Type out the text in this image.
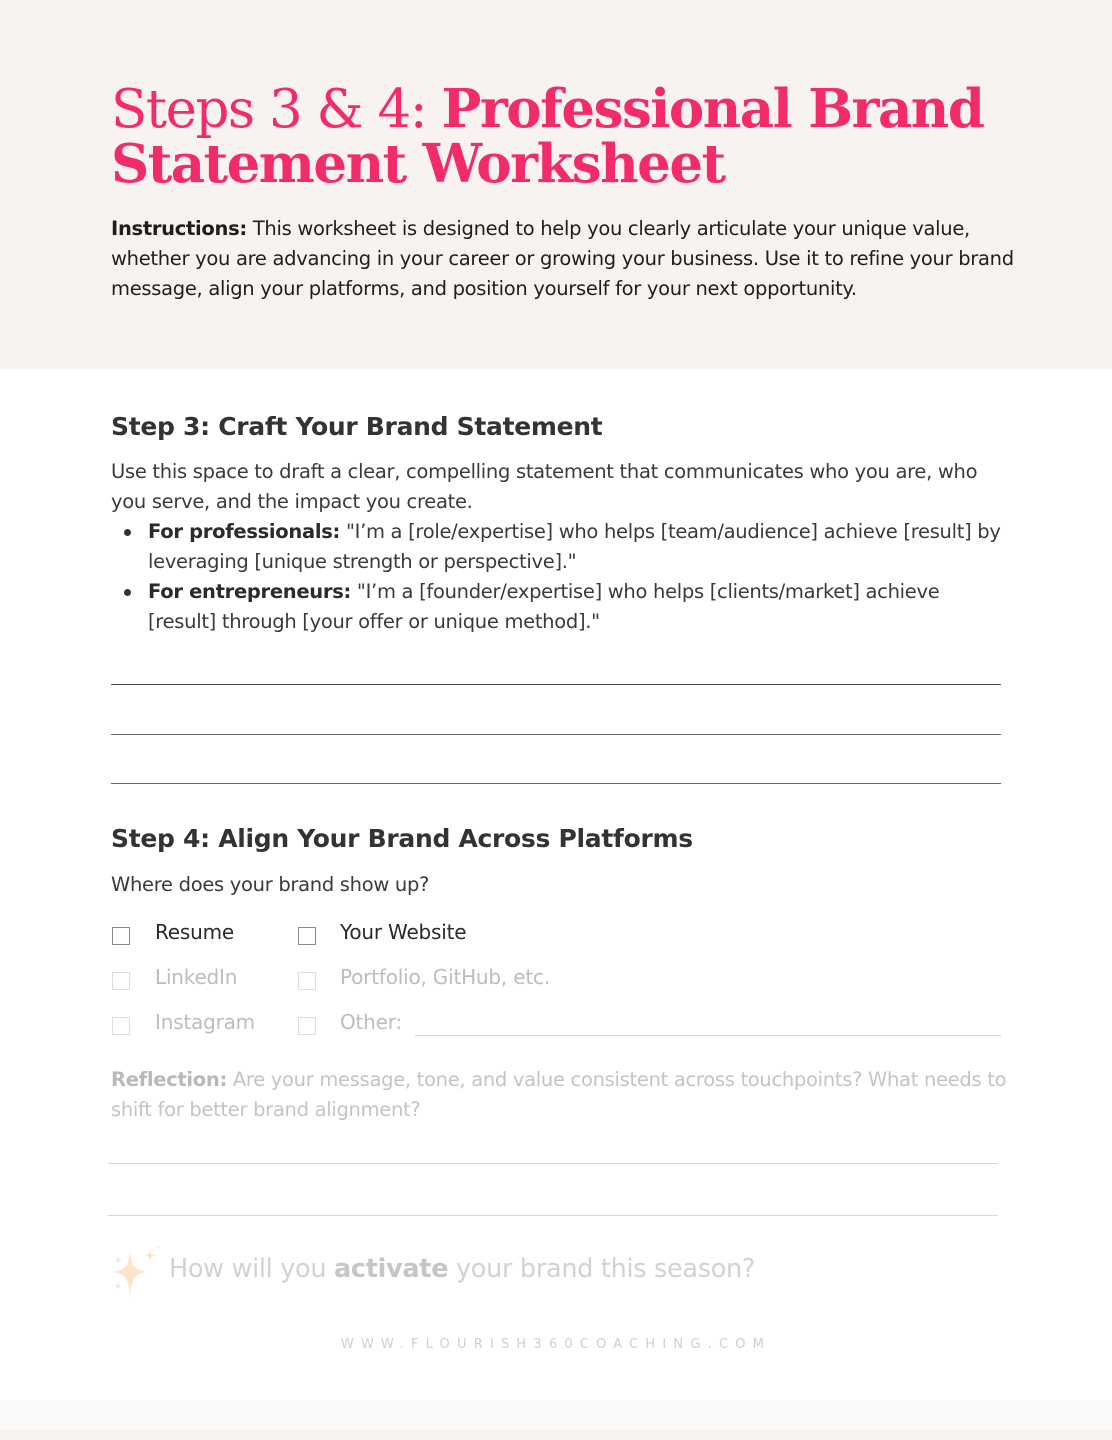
Steps 3 & 4: Professional Brand
Statement Worksheet
Instructions: This worksheet is designed to help you clearly articulate your unique value, whether you are advancing in your career or growing your business. Use it to refine your brand message, align your platforms, and position yourself for your next opportunity.
Step 3: Craft Your Brand Statement
Use this space to draft a clear, compelling statement that communicates who you are, who you serve, and the impact you create.
For professionals: "I’m a [role/expertise] who helps [team/audience] achieve [result] by leveraging [unique strength or perspective]."
For entrepreneurs: "I’m a [founder/expertise] who helps [clients/market] achieve [result] through [your offer or unique method]."
Step 4: Align Your Brand Across Platforms
Where does your brand show up?
Resume	Your Website
LinkedIn	Portfolio, GitHub, etc.
Instagram	Other:
Reflection: Are your message, tone, and value consistent across touchpoints? What needs to shift for better brand alignment?
How will you activate your brand this season?
WWW.FLOURISH360COACHING.COM
